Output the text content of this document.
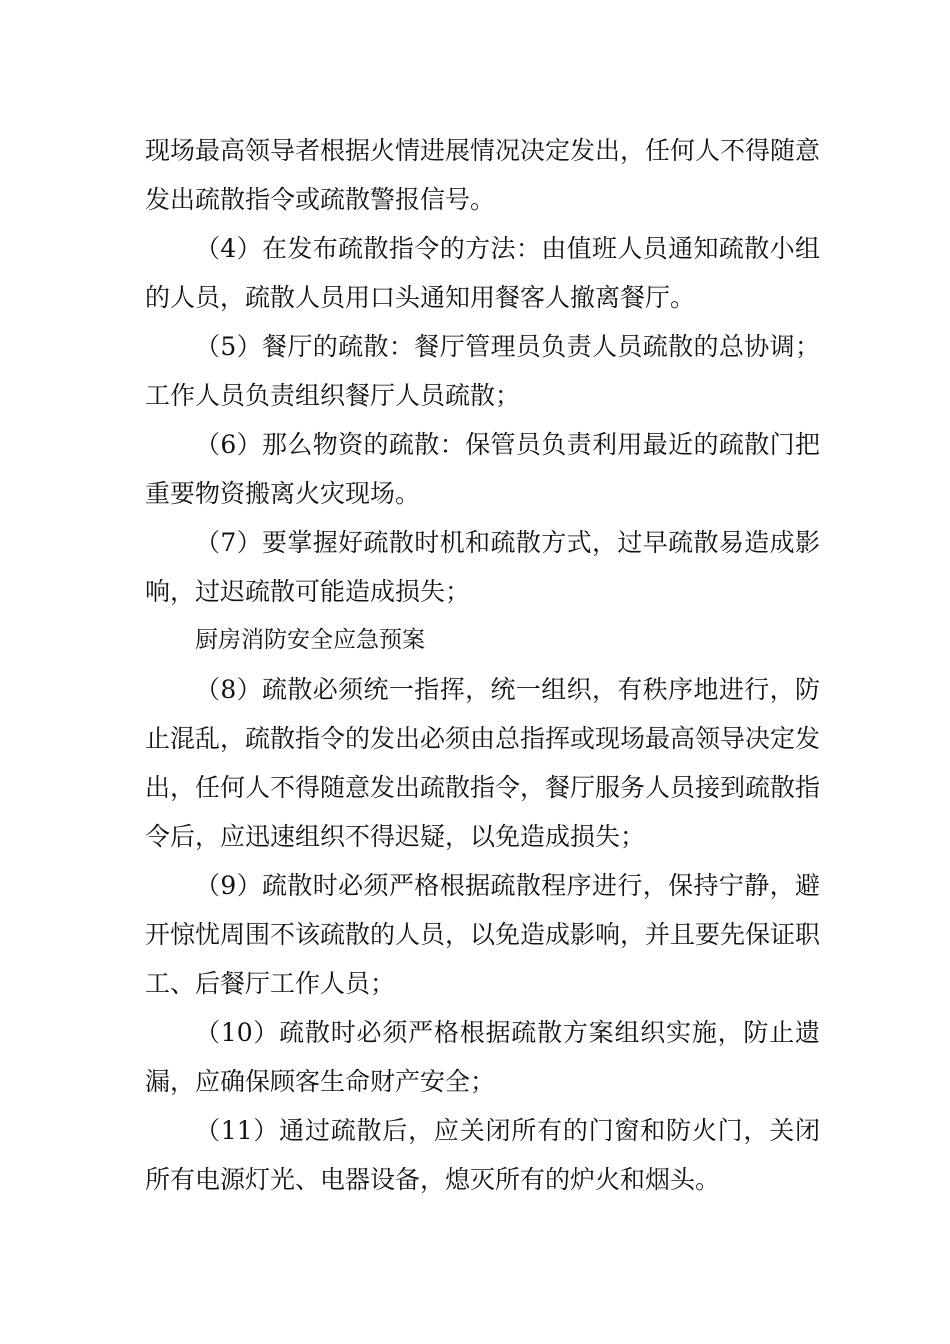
现场最高领导者根据火情进展情况决定发出，任何人不得随意发出疏散指令或疏散警报信号。

（4）在发布疏散指令的方法：由值班人员通知疏散小组的人员，疏散人员用口头通知用餐客人撤离餐厅。

（5）餐厅的疏散：餐厅管理员负责人员疏散的总协调；工作人员负责组织餐厅人员疏散；

（6）那么物资的疏散：保管员负责利用最近的疏散门把重要物资搬离火灾现场。

（7）要掌握好疏散时机和疏散方式，过早疏散易造成影响，过迟疏散可能造成损失；

厨房消防安全应急预案

（8）疏散必须统一指挥，统一组织，有秩序地进行，防止混乱，疏散指令的发出必须由总指挥或现场最高领导决定发出，任何人不得随意发出疏散指令，餐厅服务人员接到疏散指令后，应迅速组织不得迟疑，以免造成损失；

（9）疏散时必须严格根据疏散程序进行，保持宁静，避开惊忧周围不该疏散的人员，以免造成影响，并且要先保证职工、后餐厅工作人员；

（10）疏散时必须严格根据疏散方案组织实施，防止遗漏，应确保顾客生命财产安全；

（11）通过疏散后，应关闭所有的门窗和防火门，关闭所有电源灯光、电器设备，熄灭所有的炉火和烟头。
